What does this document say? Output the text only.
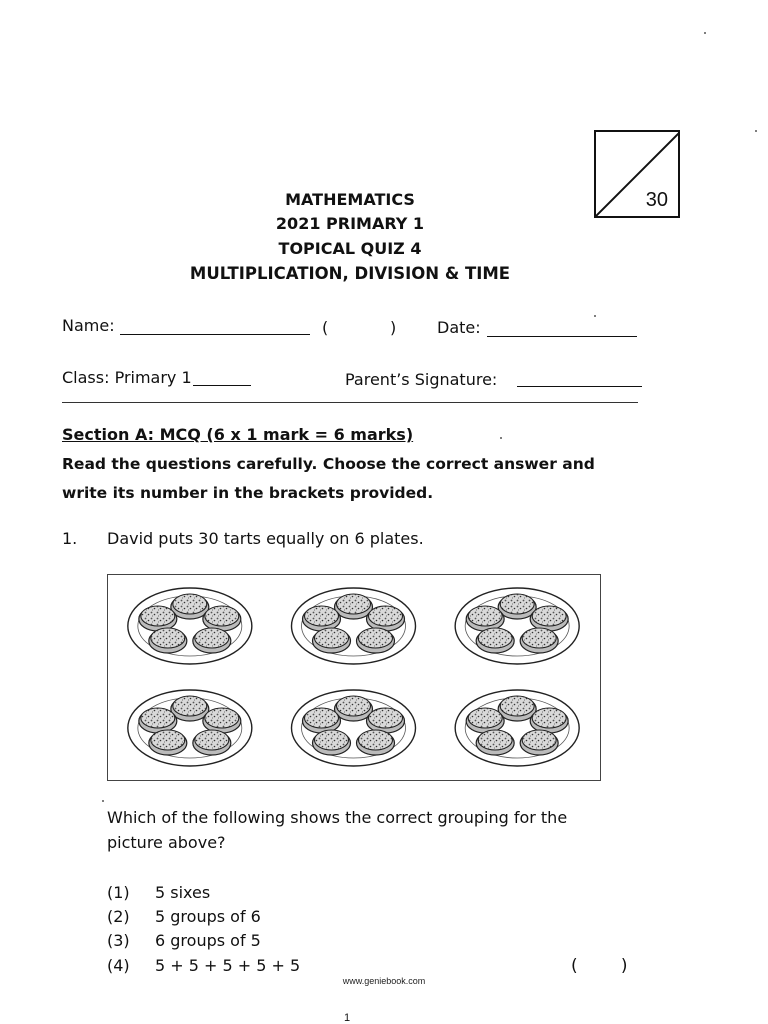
30
MATHEMATICS
2021 PRIMARY 1
TOPICAL QUIZ 4
MULTIPLICATION, DIVISION & TIME
Name:	(	)	Date:
Class: Primary 1	Parent’s Signature:
Section A: MCQ (6 x 1 mark = 6 marks)
Read the questions carefully. Choose the correct answer and
write its number in the brackets provided.
1. David puts 30 tarts equally on 6 plates.
Which of the following shows the correct grouping for the
picture above?
(1) 5 sixes
(2) 5 groups of 6
(3) 6 groups of 5
(4) 5 + 5 + 5 + 5 + 5	(        )
www.geniebook.com
1
